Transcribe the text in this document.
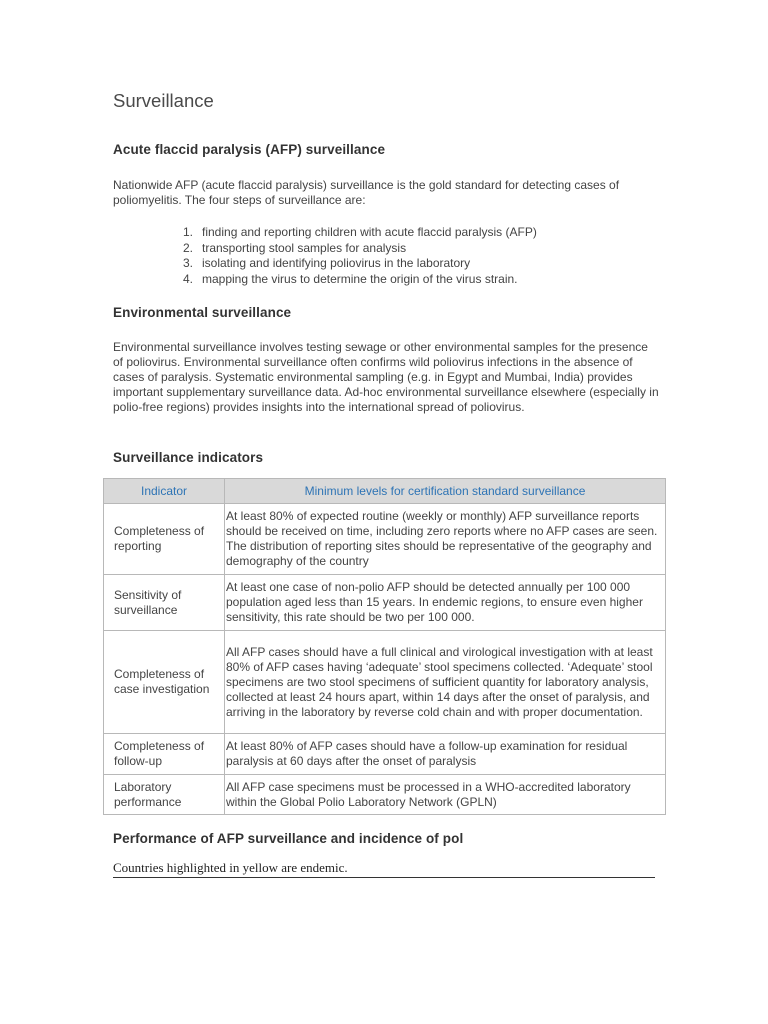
Surveillance
Acute flaccid paralysis (AFP) surveillance

Nationwide AFP (acute flaccid paralysis) surveillance is the gold standard for detecting cases of poliomyelitis. The four steps of surveillance are:

1. finding and reporting children with acute flaccid paralysis (AFP)
2. transporting stool samples for analysis
3. isolating and identifying poliovirus in the laboratory
4. mapping the virus to determine the origin of the virus strain.
Environmental surveillance

Environmental surveillance involves testing sewage or other environmental samples for the presence of poliovirus. Environmental surveillance often confirms wild poliovirus infections in the absence of cases of paralysis. Systematic environmental sampling (e.g. in Egypt and Mumbai, India) provides important supplementary surveillance data. Ad-hoc environmental surveillance elsewhere (especially in polio-free regions) provides insights into the international spread of poliovirus.

Surveillance indicators
Indicator	Minimum levels for certification standard surveillance
Completeness of reporting	At least 80% of expected routine (weekly or monthly) AFP surveillance reports should be received on time, including zero reports where no AFP cases are seen. The distribution of reporting sites should be representative of the geography and demography of the country
Sensitivity of surveillance	At least one case of non-polio AFP should be detected annually per 100 000 population aged less than 15 years. In endemic regions, to ensure even higher sensitivity, this rate should be two per 100 000.
Completeness of case investigation	All AFP cases should have a full clinical and virological investigation with at least 80% of AFP cases having ‘adequate’ stool specimens collected. ‘Adequate’ stool specimens are two stool specimens of sufficient quantity for laboratory analysis, collected at least 24 hours apart, within 14 days after the onset of paralysis, and arriving in the laboratory by reverse cold chain and with proper documentation.
Completeness of follow-up	At least 80% of AFP cases should have a follow-up examination for residual paralysis at 60 days after the onset of paralysis
Laboratory performance	All AFP case specimens must be processed in a WHO-accredited laboratory within the Global Polio Laboratory Network (GPLN)
Performance of AFP surveillance and incidence of pol
Countries highlighted in yellow are endemic.
